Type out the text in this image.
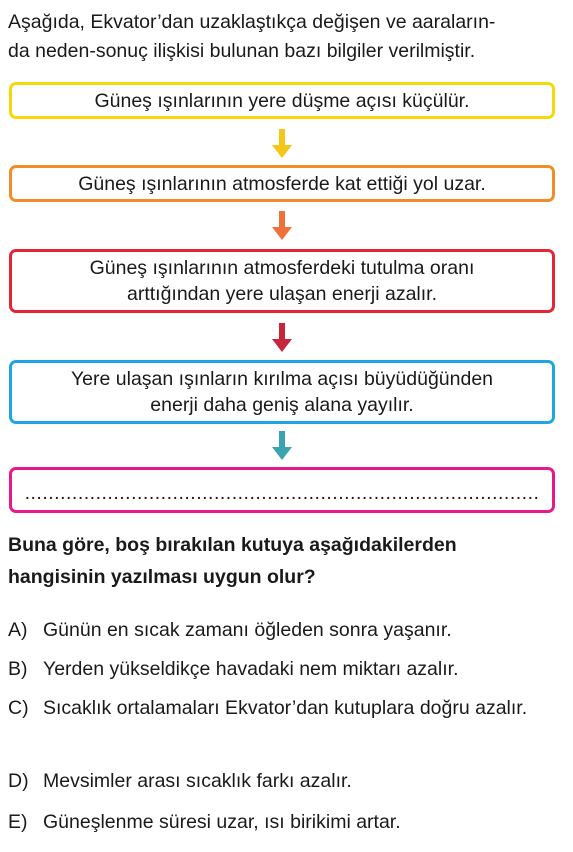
Aşağıda, Ekvator’dan uzaklaştıkça değişen ve aaraların-
da neden-sonuç ilişkisi bulunan bazı bilgiler verilmiştir.
Güneş ışınlarının yere düşme açısı küçülür.
Güneş ışınlarının atmosferde kat ettiği yol uzar.
Güneş ışınlarının atmosferdeki tutulma oranı
arttığından yere ulaşan enerji azalır.
Yere ulaşan ışınların kırılma açısı büyüdüğünden
enerji daha geniş alana yayılır.
.......................................................................................
Buna göre, boş bırakılan kutuya aşağıdakilerden
hangisinin yazılması uygun olur?
A) Günün en sıcak zamanı öğleden sonra yaşanır.
B) Yerden yükseldikçe havadaki nem miktarı azalır.
C) Sıcaklık ortalamaları Ekvator’dan kutuplara doğru azalır.
D) Mevsimler arası sıcaklık farkı azalır.
E) Güneşlenme süresi uzar, ısı birikimi artar.
